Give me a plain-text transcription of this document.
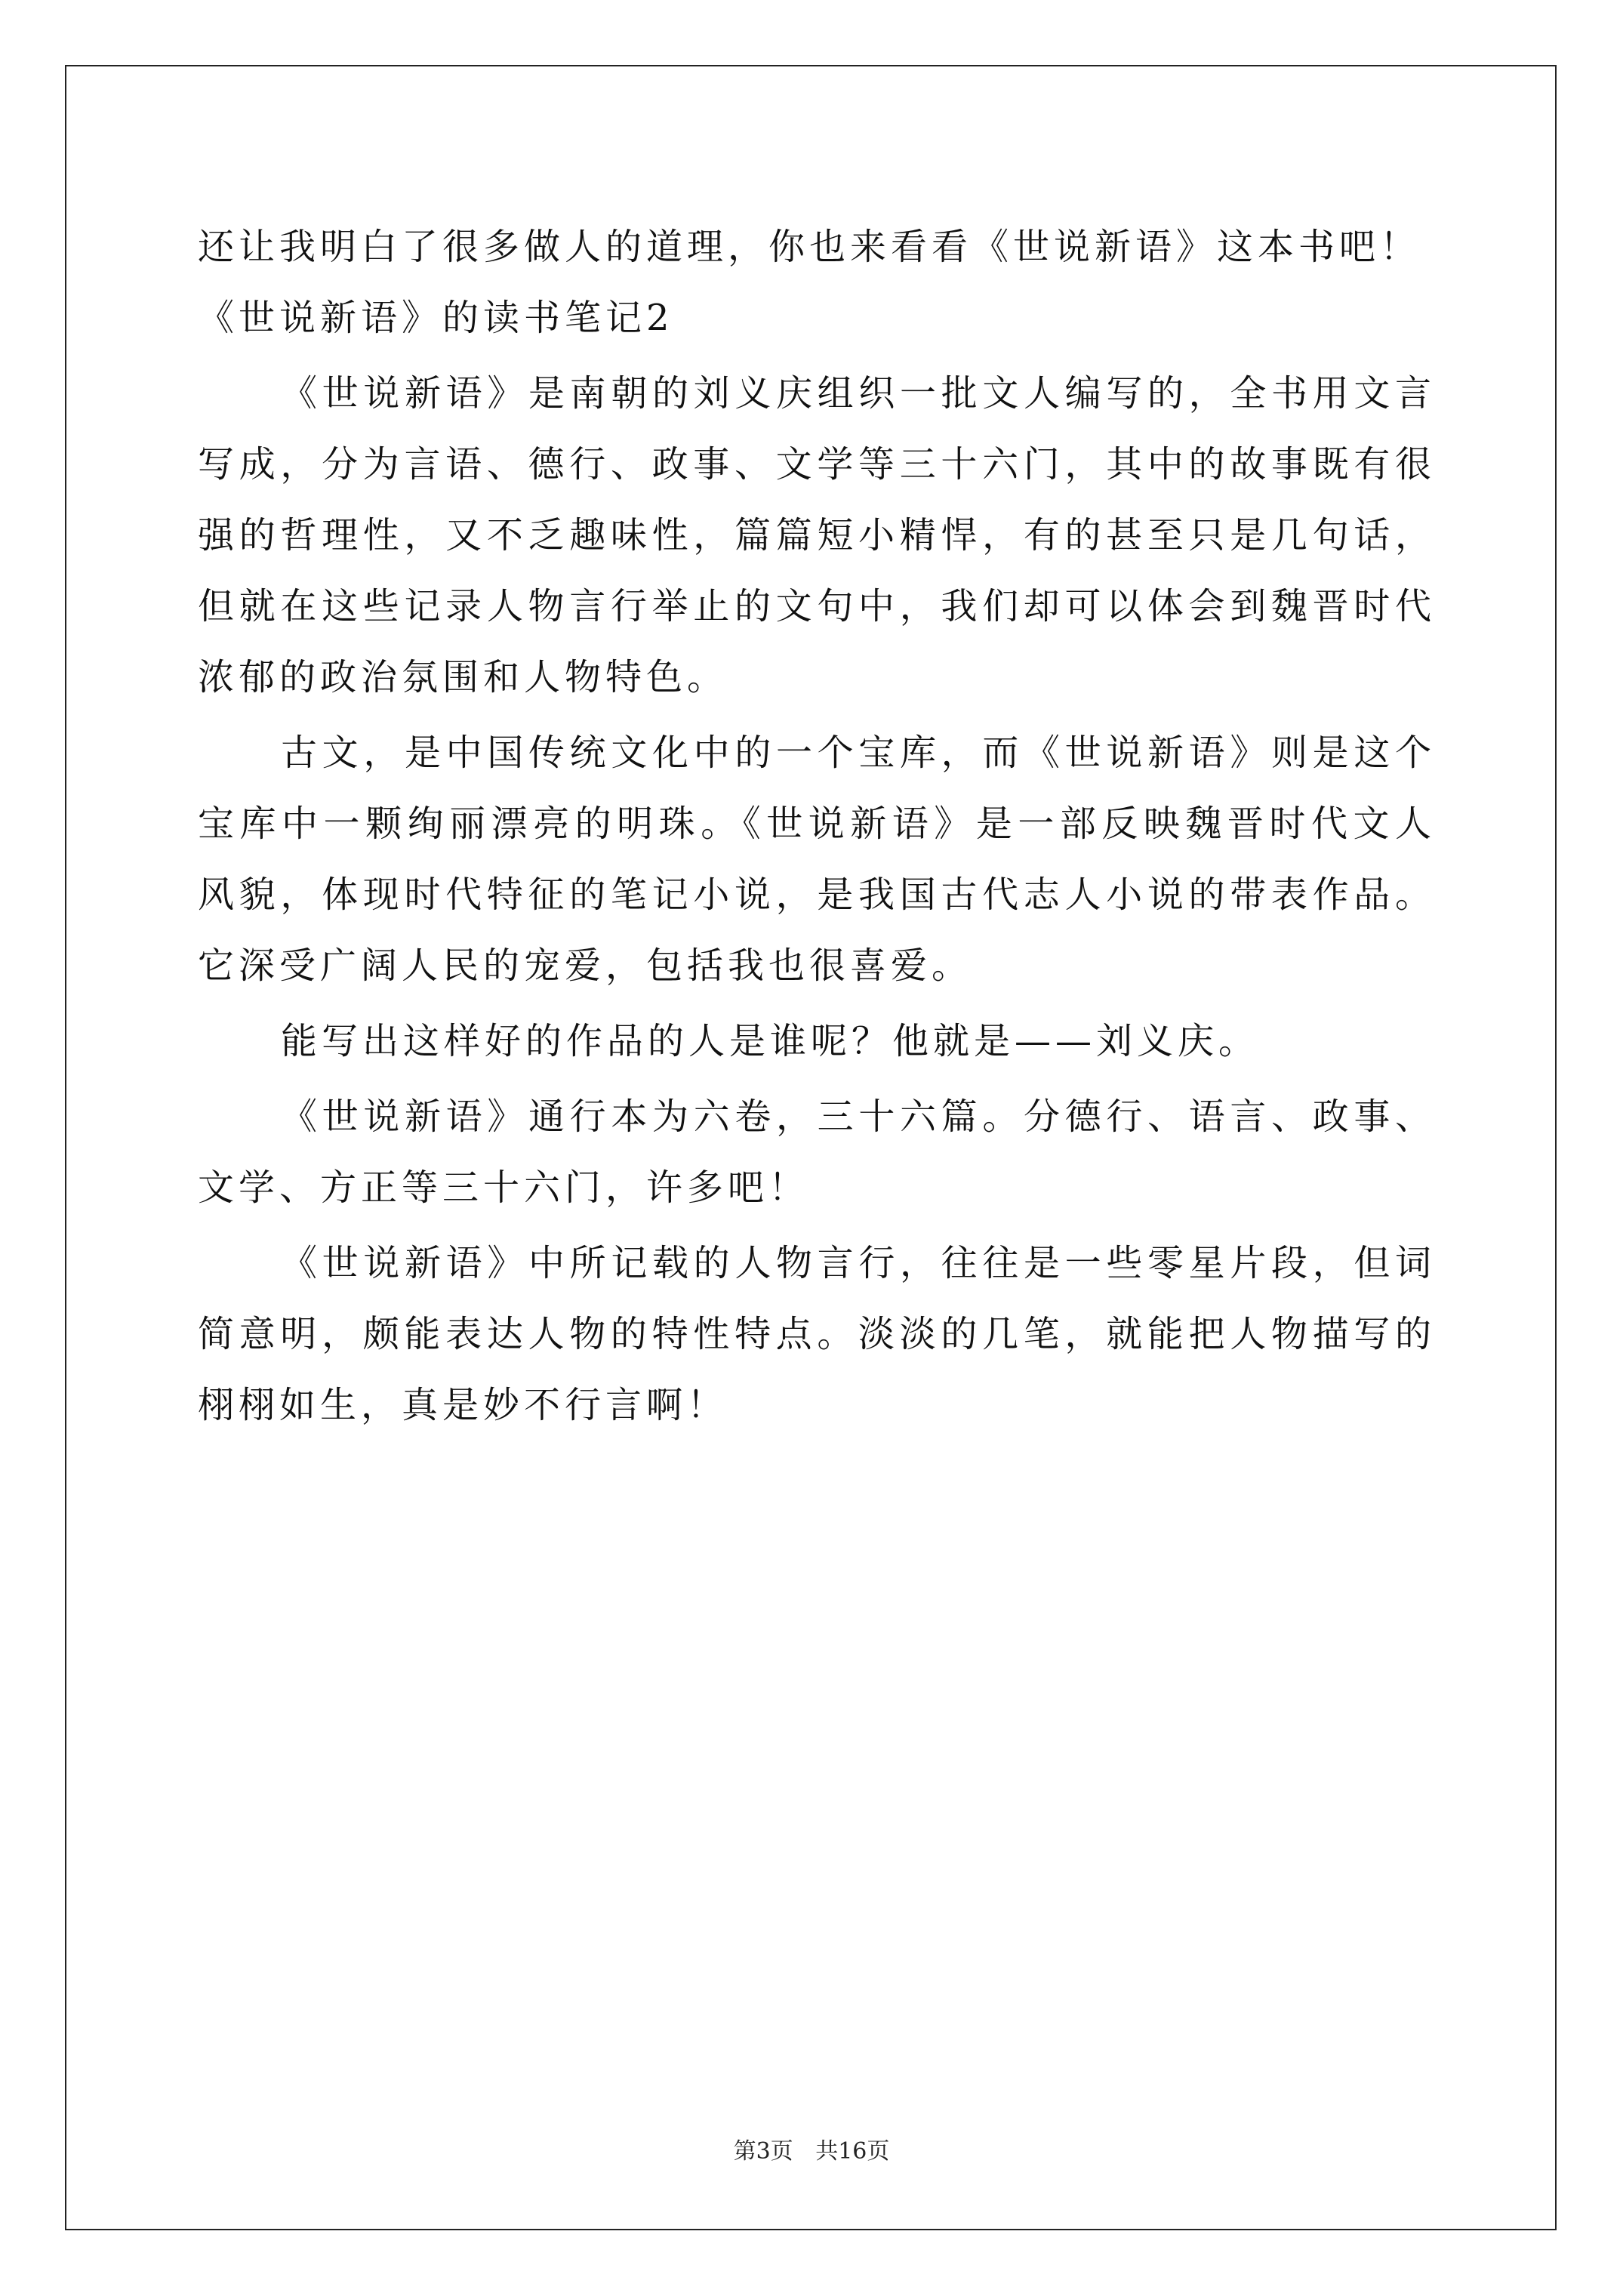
还让我明白了很多做人的道理，你也来看看《世说新语》这本书吧！

《世说新语》的读书笔记2

《世说新语》是南朝的刘义庆组织一批文人编写的，全书用文言写成，分为言语、德行、政事、文学等三十六门，其中的故事既有很强的哲理性，又不乏趣味性，篇篇短小精悍，有的甚至只是几句话，但就在这些记录人物言行举止的文句中，我们却可以体会到魏晋时代浓郁的政治氛围和人物特色。

古文，是中国传统文化中的一个宝库，而《世说新语》则是这个宝库中一颗绚丽漂亮的明珠。《世说新语》是一部反映魏晋时代文人风貌，体现时代特征的笔记小说，是我国古代志人小说的带表作品。它深受广阔人民的宠爱，包括我也很喜爱。

能写出这样好的作品的人是谁呢？他就是——刘义庆。

《世说新语》通行本为六卷，三十六篇。分德行、语言、政事、文学、方正等三十六门，许多吧！

《世说新语》中所记载的人物言行，往往是一些零星片段，但词简意明，颇能表达人物的特性特点。淡淡的几笔，就能把人物描写的栩栩如生，真是妙不行言啊！

第3页 共16页
